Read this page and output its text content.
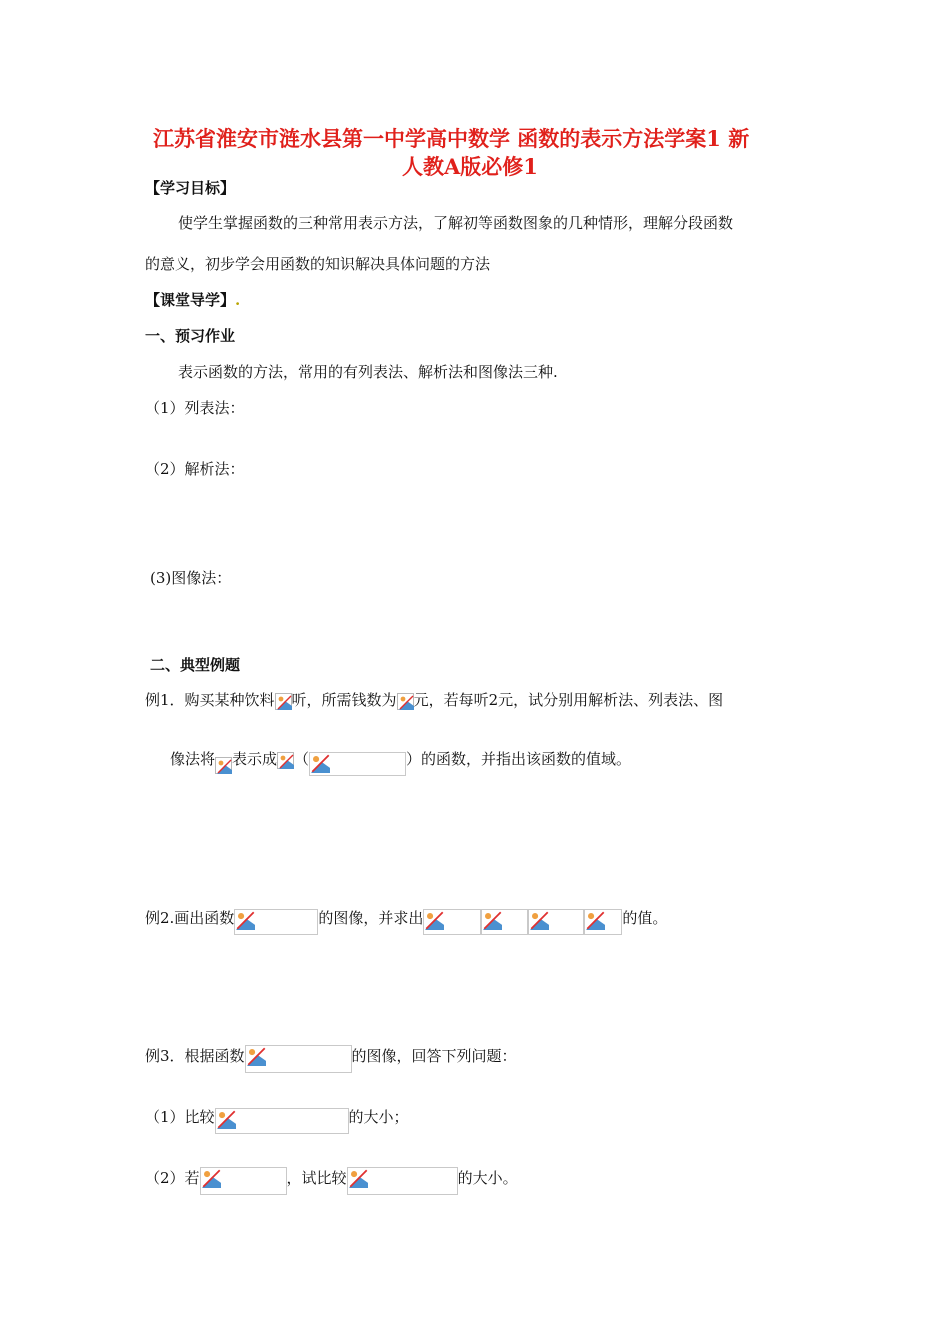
江苏省淮安市涟水县第一中学高中数学 函数的表示方法学案1 新
人教A版必修1
【学习目标】
使学生掌握函数的三种常用表示方法，了解初等函数图象的几种情形，理解分段函数
的意义，初步学会用函数的知识解决具体问题的方法
【课堂导学】.
一、预习作业
表示函数的方法，常用的有列表法、解析法和图像法三种.
（1）列表法：
（2）解析法：
(3)图像法：
二、典型例题
例1．购买某种饮料 听，所需钱数为 元，若每听2元，试分别用解析法、列表法、图
像法将 表示成 （	）的函数，并指出该函数的值域。
例2.画出函数	的图像，并求出	的值。
例3．根据函数	的图像，回答下列问题：
（1）比较	的大小；
（2）若	，试比较	的大小。
